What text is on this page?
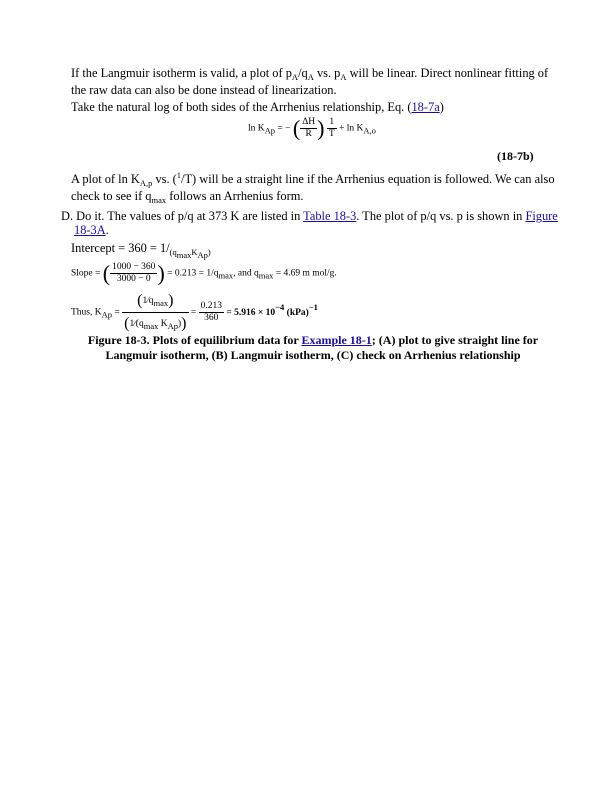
If the Langmuir isotherm is valid, a plot of $p_A/q_A$ vs. $p_A$ will be linear. Direct nonlinear fitting of
the raw data can also be done instead of linearization.
Take the natural log of both sides of the Arrhenius relationship, Eq. (18-7a)
$\ln K_{Ap}$ = − ( $\frac{\Delta H}{R}$ ) $\frac{1}{T} + \ln K_{A,o}$
(18-7b)
A plot of $\ln K_{A,p}$ vs. ($^1$/T) will be a straight line if the Arrhenius equation is followed. We can also
check to see if $q_{max}$ follows an Arrhenius form.
D. Do it. The values of p/q at 373 K are listed in Table 18-3. The plot of p/q vs. p is shown in Figure
18-3A.
Intercept = $360 = 1/_{(q_{max}K_{Ap})}$
Slope = ( $\frac{1000 - 360}{3000 - 0}$ ) = $0.213 = 1/q_{max}$, and $q_{max} = 4.69$ m mol/g.
Thus, $K_{Ap} = \frac{(1⁄q_{max})}{(1⁄(q_{max} K_{Ap}))} = \frac{0.213}{360} = 5.916 \times 10^{-4}$ (kPa)$^{-1}$
Figure 18-3. Plots of equilibrium data for Example 18-1; (A) plot to give straight line for
Langmuir isotherm, (B) Langmuir isotherm, (C) check on Arrhenius relationship
